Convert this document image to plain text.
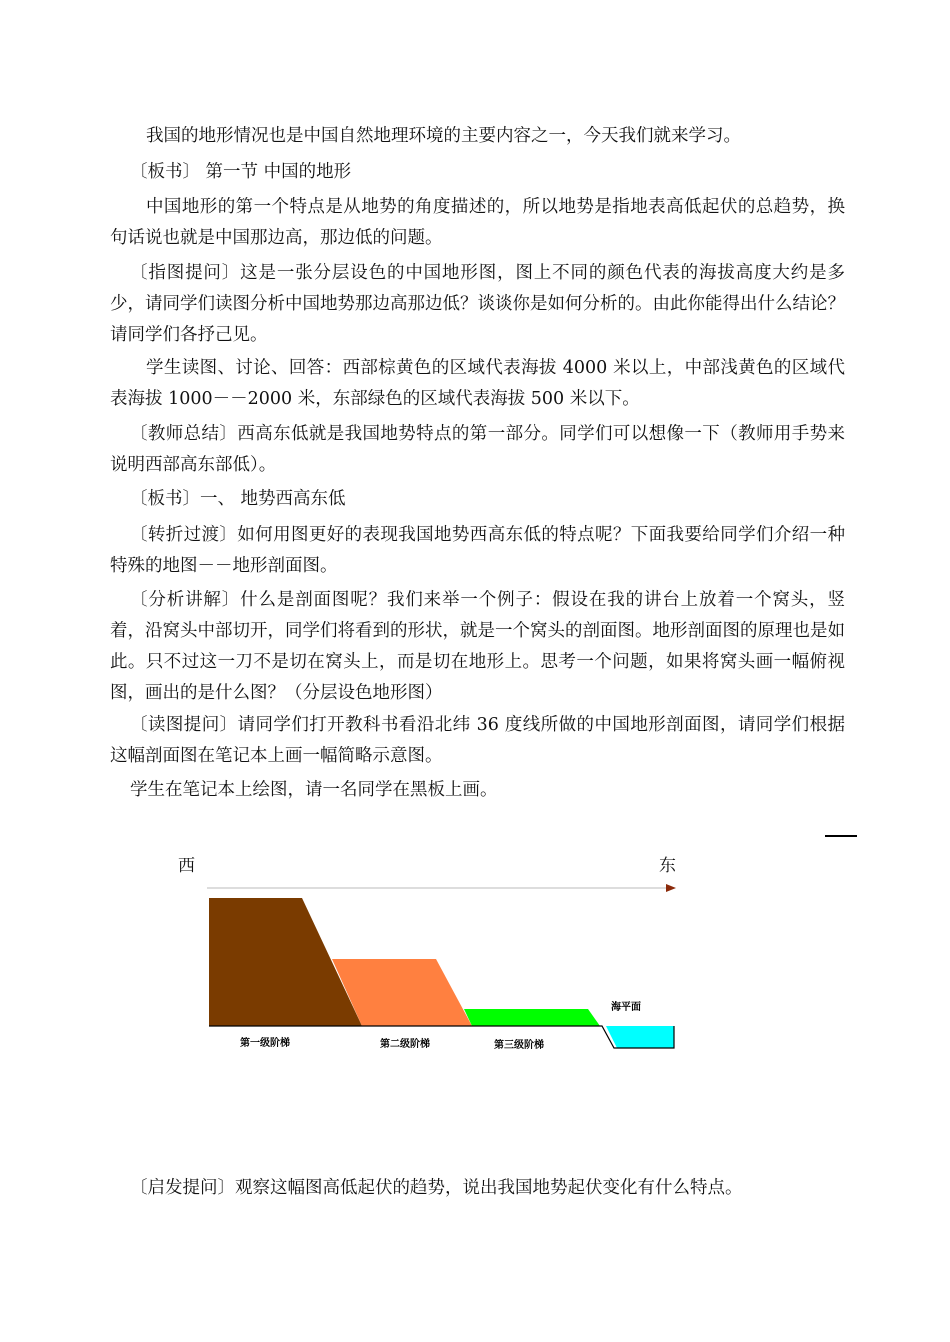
我国的地形情况也是中国自然地理环境的主要内容之一，今天我们就来学习。

〔板书〕 第一节 中国的地形

中国地形的第一个特点是从地势的角度描述的，所以地势是指地表高低起伏的总趋势，换句话说也就是中国那边高，那边低的问题。

〔指图提问〕这是一张分层设色的中国地形图，图上不同的颜色代表的海拔高度大约是多少，请同学们读图分析中国地势那边高那边低？谈谈你是如何分析的。由此你能得出什么结论？请同学们各抒己见。

学生读图、讨论、回答：西部棕黄色的区域代表海拔 4000 米以上，中部浅黄色的区域代表海拔 1000－－2000 米，东部绿色的区域代表海拔 500 米以下。

〔教师总结〕西高东低就是我国地势特点的第一部分。同学们可以想像一下（教师用手势来说明西部高东部低）。

〔板书〕一、 地势西高东低

〔转折过渡〕如何用图更好的表现我国地势西高东低的特点呢？下面我要给同学们介绍一种特殊的地图－－地形剖面图。

〔分析讲解〕什么是剖面图呢？我们来举一个例子：假设在我的讲台上放着一个窝头，竖着，沿窝头中部切开，同学们将看到的形状，就是一个窝头的剖面图。地形剖面图的原理也是如此。只不过这一刀不是切在窝头上，而是切在地形上。思考一个问题，如果将窝头画一幅俯视图，画出的是什么图？（分层设色地形图）

〔读图提问〕请同学们打开教科书看沿北纬 36 度线所做的中国地形剖面图，请同学们根据这幅剖面图在笔记本上画一幅简略示意图。

学生在笔记本上绘图，请一名同学在黑板上画。

西	东
海平面
第一级阶梯	第二级阶梯	第三级阶梯
〔启发提问〕观察这幅图高低起伏的趋势，说出我国地势起伏变化有什么特点。
